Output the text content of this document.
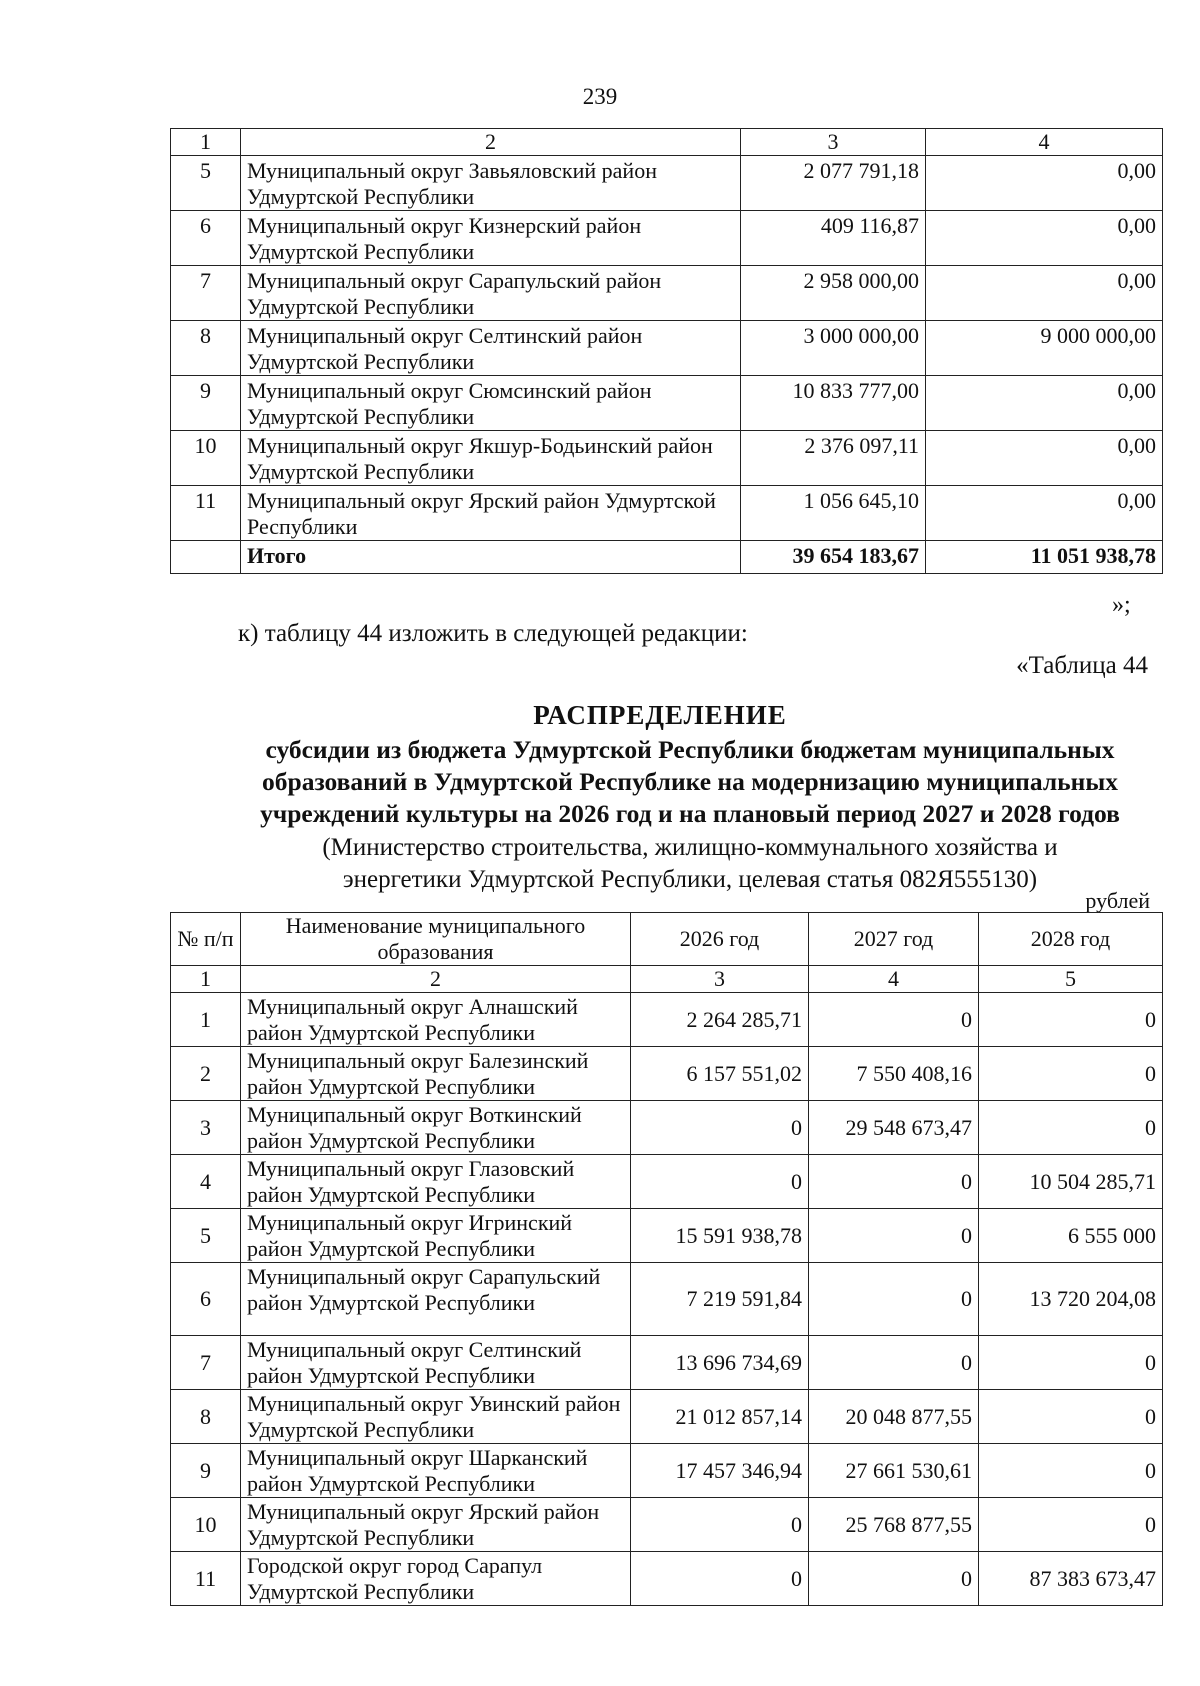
239
1	2	3	4
5	Муниципальный округ Завьяловский район Удмуртской Республики	2 077 791,18	0,00
6	Муниципальный округ Кизнерский район Удмуртской Республики	409 116,87	0,00
7	Муниципальный округ Сарапульский район Удмуртской Республики	2 958 000,00	0,00
8	Муниципальный округ Селтинский район Удмуртской Республики	3 000 000,00	9 000 000,00
9	Муниципальный округ Сюмсинский район Удмуртской Республики	10 833 777,00	0,00
10	Муниципальный округ Якшур-Бодьинский район Удмуртской Республики	2 376 097,11	0,00
11	Муниципальный округ Ярский район Удмуртской Республики	1 056 645,10	0,00
	Итого	39 654 183,67	11 051 938,78
»;
к) таблицу 44 изложить в следующей редакции:
«Таблица 44
РАСПРЕДЕЛЕНИЕ
субсидии из бюджета Удмуртской Республики бюджетам муниципальных
образований в Удмуртской Республике на модернизацию муниципальных
учреждений культуры на 2026 год и на плановый период 2027 и 2028 годов
(Министерство строительства, жилищно-коммунального хозяйства и
энергетики Удмуртской Республики, целевая статья 082Я555130)
рублей
№ п/п	Наименование муниципального образования	2026 год	2027 год	2028 год
1	2	3	4	5
1	Муниципальный округ Алнашский район Удмуртской Республики	2 264 285,71	0	0
2	Муниципальный округ Балезинский район Удмуртской Республики	6 157 551,02	7 550 408,16	0
3	Муниципальный округ Воткинский район Удмуртской Республики	0	29 548 673,47	0
4	Муниципальный округ Глазовский район Удмуртской Республики	0	0	10 504 285,71
5	Муниципальный округ Игринский район Удмуртской Республики	15 591 938,78	0	6 555 000
6	Муниципальный округ Сарапульский район Удмуртской Республики	7 219 591,84	0	13 720 204,08
7	Муниципальный округ Селтинский район Удмуртской Республики	13 696 734,69	0	0
8	Муниципальный округ Увинский район Удмуртской Республики	21 012 857,14	20 048 877,55	0
9	Муниципальный округ Шарканский район Удмуртской Республики	17 457 346,94	27 661 530,61	0
10	Муниципальный округ Ярский район Удмуртской Республики	0	25 768 877,55	0
11	Городской округ город Сарапул Удмуртской Республики	0	0	87 383 673,47
